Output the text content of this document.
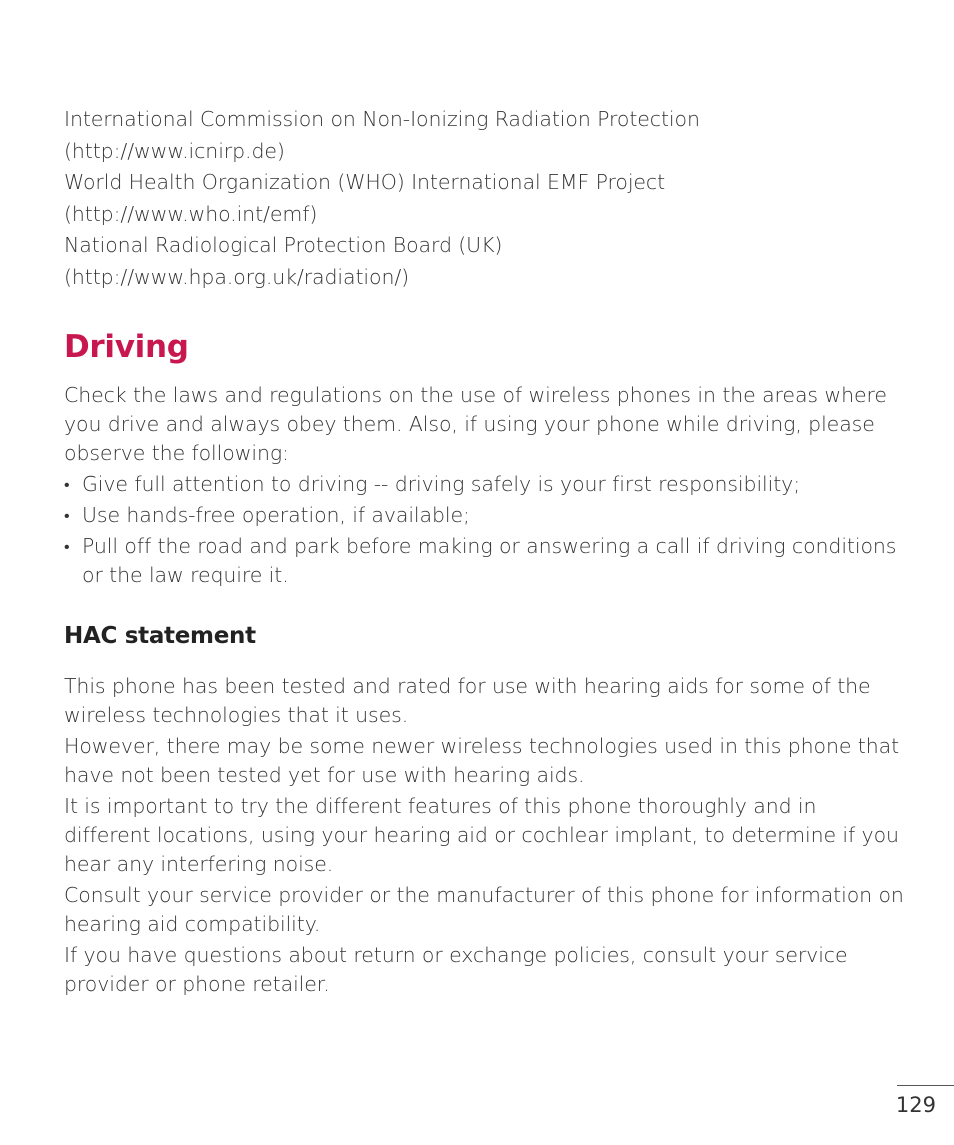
International Commission on Non-Ionizing Radiation Protection

(http://www.icnirp.de)

World Health Organization (WHO) International EMF Project

(http://www.who.int/emf)

National Radiological Protection Board (UK)

(http://www.hpa.org.uk/radiation/)

Driving

Check the laws and regulations on the use of wireless phones in the areas where you drive and always obey them. Also, if using your phone while driving, please observe the following:

• Give full attention to driving -- driving safely is your first responsibility;
• Use hands-free operation, if available;
• Pull off the road and park before making or answering a call if driving conditions or the law require it.
HAC statement

This phone has been tested and rated for use with hearing aids for some of the wireless technologies that it uses.

However, there may be some newer wireless technologies used in this phone that have not been tested yet for use with hearing aids.

It is important to try the different features of this phone thoroughly and in different locations, using your hearing aid or cochlear implant, to determine if you hear any interfering noise.

Consult your service provider or the manufacturer of this phone for information on hearing aid compatibility.

If you have questions about return or exchange policies, consult your service provider or phone retailer.

129
